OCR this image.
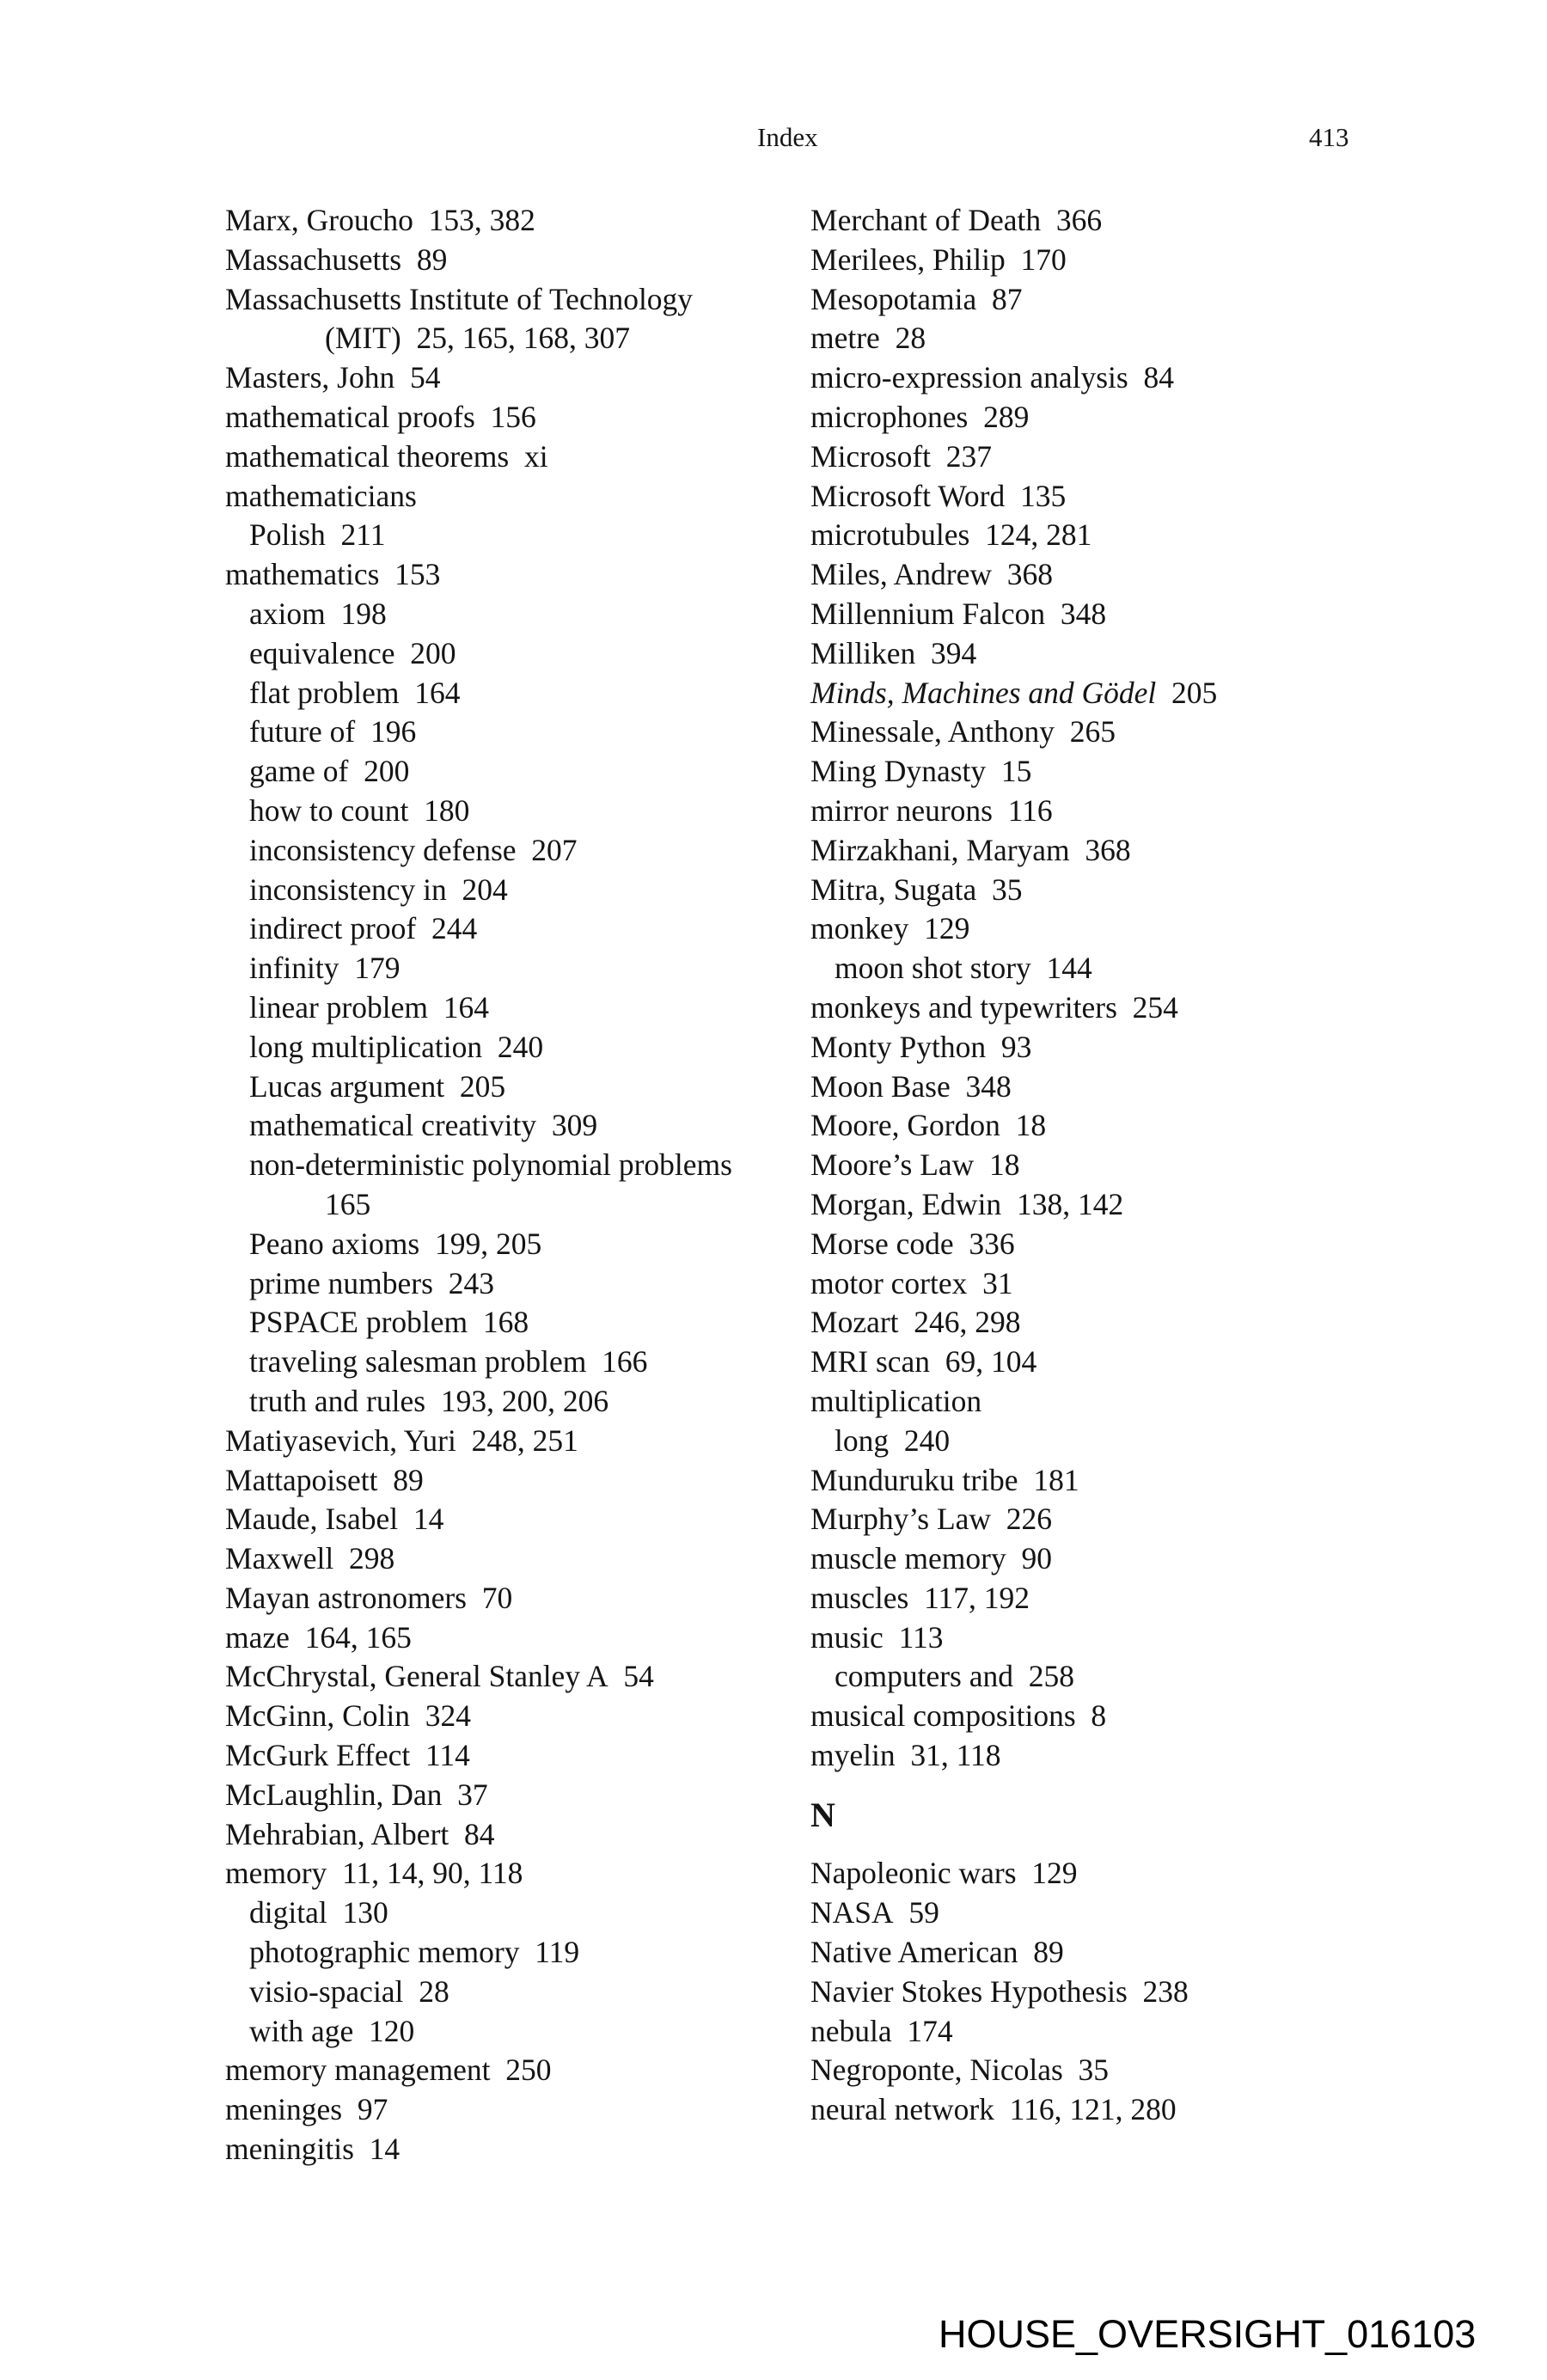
Index	413
Marx, Groucho 153, 382
Massachusetts 89
Massachusetts Institute of Technology
(MIT) 25, 165, 168, 307
Masters, John 54
mathematical proofs 156
mathematical theorems xi
mathematicians
Polish 211
mathematics 153
axiom 198
equivalence 200
flat problem 164
future of 196
game of 200
how to count 180
inconsistency defense 207
inconsistency in 204
indirect proof 244
infinity 179
linear problem 164
long multiplication 240
Lucas argument 205
mathematical creativity 309
non-deterministic polynomial problems
165
Peano axioms 199, 205
prime numbers 243
PSPACE problem 168
traveling salesman problem 166
truth and rules 193, 200, 206
Matiyasevich, Yuri 248, 251
Mattapoisett 89
Maude, Isabel 14
Maxwell 298
Mayan astronomers 70
maze 164, 165
McChrystal, General Stanley A 54
McGinn, Colin 324
McGurk Effect 114
McLaughlin, Dan 37
Mehrabian, Albert 84
memory 11, 14, 90, 118
digital 130
photographic memory 119
visio-spacial 28
with age 120
memory management 250
meninges 97
meningitis 14
Merchant of Death 366
Merilees, Philip 170
Mesopotamia 87
metre 28
micro-expression analysis 84
microphones 289
Microsoft 237
Microsoft Word 135
microtubules 124, 281
Miles, Andrew 368
Millennium Falcon 348
Milliken 394
Minds, Machines and Gödel 205
Minessale, Anthony 265
Ming Dynasty 15
mirror neurons 116
Mirzakhani, Maryam 368
Mitra, Sugata 35
monkey 129
moon shot story 144
monkeys and typewriters 254
Monty Python 93
Moon Base 348
Moore, Gordon 18
Moore’s Law 18
Morgan, Edwin 138, 142
Morse code 336
motor cortex 31
Mozart 246, 298
MRI scan 69, 104
multiplication
long 240
Munduruku tribe 181
Murphy’s Law 226
muscle memory 90
muscles 117, 192
music 113
computers and 258
musical compositions 8
myelin 31, 118
N
Napoleonic wars 129
NASA 59
Native American 89
Navier Stokes Hypothesis 238
nebula 174
Negroponte, Nicolas 35
neural network 116, 121, 280
HOUSE_OVERSIGHT_016103
